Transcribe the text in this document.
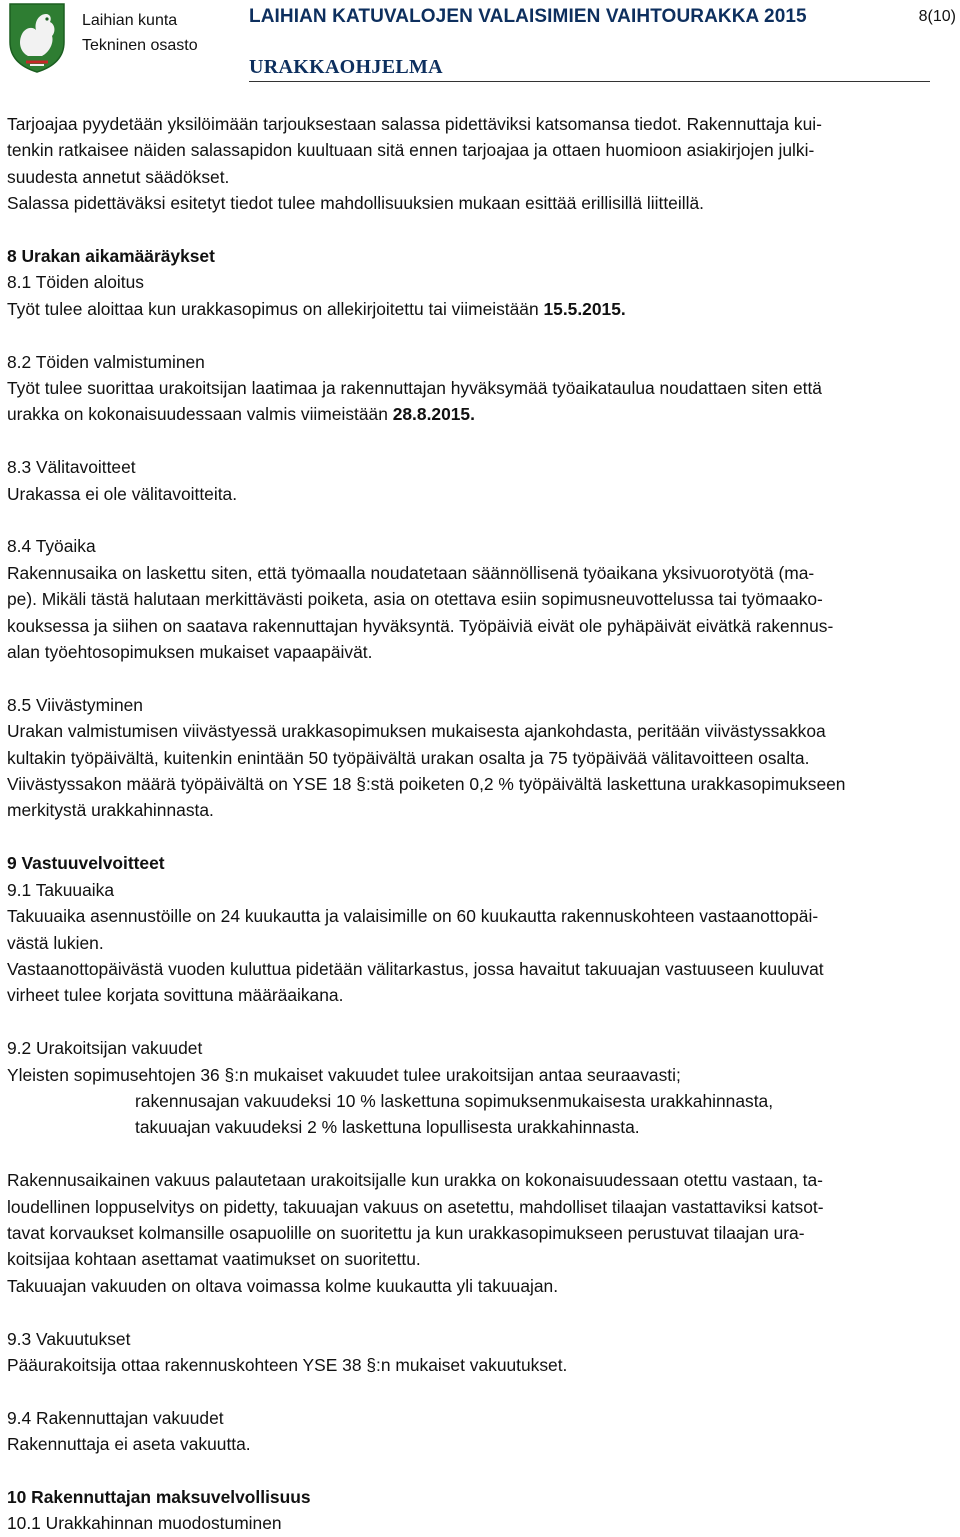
Laihian kunta
Tekninen osasto
LAIHIAN KATUVALOJEN VALAISIMIEN VAIHTOURAKKA 2015	8(10)
URAKKAOHJELMA

Tarjoajaa pyydetään yksilöimään tarjouksestaan salassa pidettäviksi katsomansa tiedot. Rakennuttaja kui-

tenkin ratkaisee näiden salassapidon kuultuaan sitä ennen tarjoajaa ja ottaen huomioon asiakirjojen julki-

suudesta annetut säädökset.

Salassa pidettäväksi esitetyt tiedot tulee mahdollisuuksien mukaan esittää erillisillä liitteillä.

8 Urakan aikamääräykset

8.1 Töiden aloitus

Työt tulee aloittaa kun urakkasopimus on allekirjoitettu tai viimeistään 15.5.2015.

8.2 Töiden valmistuminen

Työt tulee suorittaa urakoitsijan laatimaa ja rakennuttajan hyväksymää työaikataulua noudattaen siten että

urakka on kokonaisuudessaan valmis viimeistään 28.8.2015.

8.3 Välitavoitteet

Urakassa ei ole välitavoitteita.

8.4 Työaika

Rakennusaika on laskettu siten, että työmaalla noudatetaan säännöllisenä työaikana yksivuorotyötä (ma-

pe). Mikäli tästä halutaan merkittävästi poiketa, asia on otettava esiin sopimusneuvottelussa tai työmaako-

kouksessa ja siihen on saatava rakennuttajan hyväksyntä. Työpäiviä eivät ole pyhäpäivät eivätkä rakennus-

alan työehtosopimuksen mukaiset vapaapäivät.

8.5 Viivästyminen

Urakan valmistumisen viivästyessä urakkasopimuksen mukaisesta ajankohdasta, peritään viivästyssakkoa

kultakin työpäivältä, kuitenkin enintään 50 työpäivältä urakan osalta ja 75 työpäivää välitavoitteen osalta.

Viivästyssakon määrä työpäivältä on YSE 18 §:stä poiketen 0,2 % työpäivältä laskettuna urakkasopimukseen

merkitystä urakkahinnasta.

9 Vastuuvelvoitteet

9.1 Takuuaika

Takuuaika asennustöille on 24 kuukautta ja valaisimille on 60 kuukautta rakennuskohteen vastaanottopäi-

västä lukien.

Vastaanottopäivästä vuoden kuluttua pidetään välitarkastus, jossa havaitut takuuajan vastuuseen kuuluvat

virheet tulee korjata sovittuna määräaikana.

9.2 Urakoitsijan vakuudet

Yleisten sopimusehtojen 36 §:n mukaiset vakuudet tulee urakoitsijan antaa seuraavasti;

rakennusajan vakuudeksi 10 % laskettuna sopimuksenmukaisesta urakkahinnasta,

takuuajan vakuudeksi 2 % laskettuna lopullisesta urakkahinnasta.

Rakennusaikainen vakuus palautetaan urakoitsijalle kun urakka on kokonaisuudessaan otettu vastaan, ta-

loudellinen loppuselvitys on pidetty, takuuajan vakuus on asetettu, mahdolliset tilaajan vastattaviksi katsot-

tavat korvaukset kolmansille osapuolille on suoritettu ja kun urakkasopimukseen perustuvat tilaajan ura-

koitsijaa kohtaan asettamat vaatimukset on suoritettu.

Takuuajan vakuuden on oltava voimassa kolme kuukautta yli takuuajan.

9.3 Vakuutukset

Pääurakoitsija ottaa rakennuskohteen YSE 38 §:n mukaiset vakuutukset.

9.4 Rakennuttajan vakuudet

Rakennuttaja ei aseta vakuutta.

10 Rakennuttajan maksuvelvollisuus

10.1 Urakkahinnan muodostuminen
